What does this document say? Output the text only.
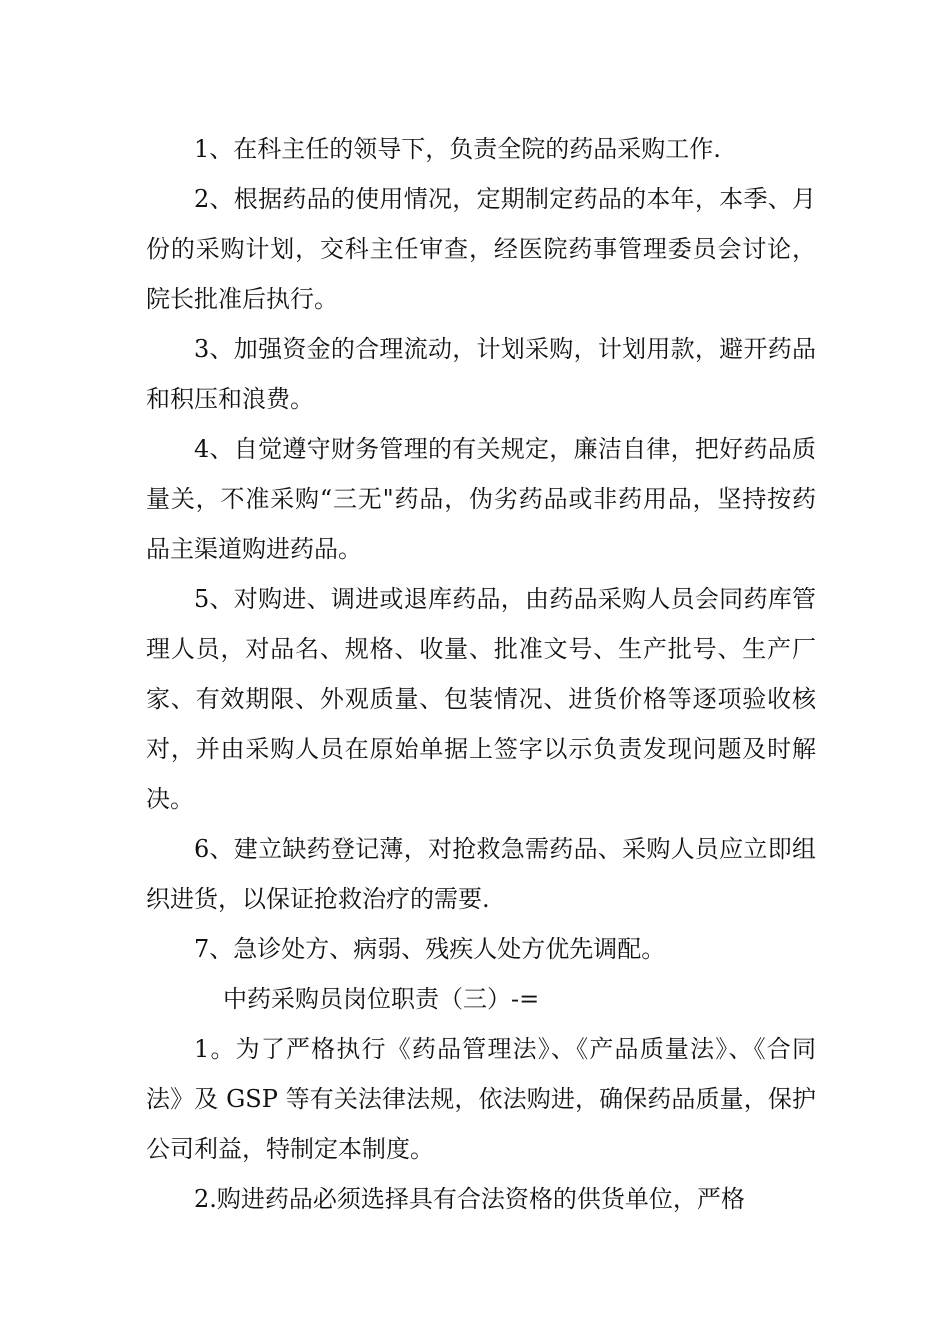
1、在科主任的领导下，负责全院的药品采购工作.

2、根据药品的使用情况，定期制定药品的本年，本季、月份的采购计划，交科主任审查，经医院药事管理委员会讨论，院长批准后执行。

3、加强资金的合理流动，计划采购，计划用款，避开药品和积压和浪费。

4、自觉遵守财务管理的有关规定，廉洁自律，把好药品质量关，不准采购“三无"药品，伪劣药品或非药用品，坚持按药品主渠道购进药品。

5、对购进、调进或退库药品，由药品采购人员会同药库管理人员，对品名、规格、收量、批准文号、生产批号、生产厂家、有效期限、外观质量、包装情况、进货价格等逐项验收核对，并由采购人员在原始单据上签字以示负责发现问题及时解决。

6、建立缺药登记薄，对抢救急需药品、采购人员应立即组织进货，以保证抢救治疗的需要.

7、急诊处方、病弱、残疾人处方优先调配。

中药采购员岗位职责（三）-=

1。为了严格执行《药品管理法》、《产品质量法》、《合同法》及 GSP 等有关法律法规，依法购进，确保药品质量，保护公司利益，特制定本制度。

2.购进药品必须选择具有合法资格的供货单位，严格
